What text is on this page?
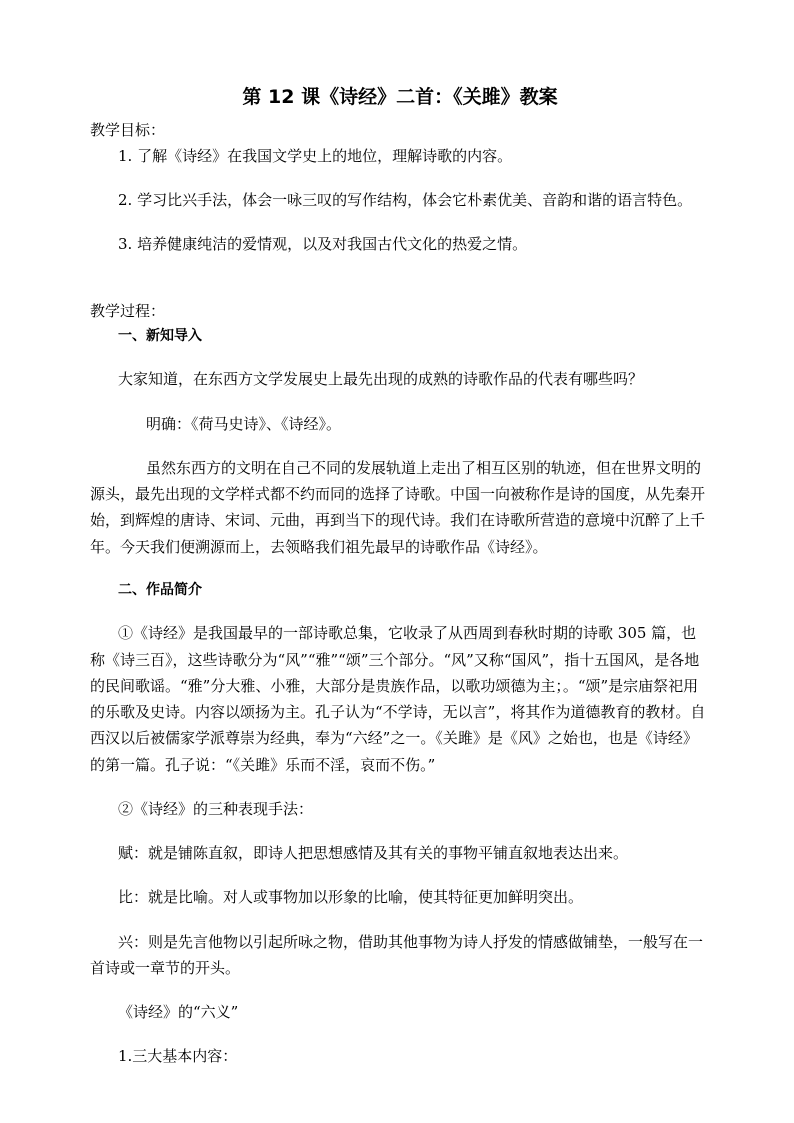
第 12 课《诗经》二首：《关雎》教案

教学目标：

1. 了解《诗经》在我国文学史上的地位，理解诗歌的内容。

2. 学习比兴手法，体会一咏三叹的写作结构，体会它朴素优美、音韵和谐的语言特色。

3. 培养健康纯洁的爱情观，以及对我国古代文化的热爱之情。

教学过程：

一、新知导入

大家知道，在东西方文学发展史上最先出现的成熟的诗歌作品的代表有哪些吗？

明确：《荷马史诗》、《诗经》。

虽然东西方的文明在自己不同的发展轨道上走出了相互区别的轨迹，但在世界文明的源头，最先出现的文学样式都不约而同的选择了诗歌。中国一向被称作是诗的国度，从先秦开始，到辉煌的唐诗、宋词、元曲，再到当下的现代诗。我们在诗歌所营造的意境中沉醉了上千年。今天我们便溯源而上，去领略我们祖先最早的诗歌作品《诗经》。

二、作品简介

①《诗经》是我国最早的一部诗歌总集，它收录了从西周到春秋时期的诗歌 305 篇，也称《诗三百》，这些诗歌分为“风”“雅”“颂”三个部分。“风”又称“国风”，指十五国风，是各地的民间歌谣。“雅”分大雅、小雅，大部分是贵族作品，以歌功颂德为主；。“颂”是宗庙祭祀用的乐歌及史诗。内容以颂扬为主。孔子认为“不学诗，无以言”，将其作为道德教育的教材。自西汉以后被儒家学派尊崇为经典，奉为“六经”之一。《关雎》是《风》之始也，也是《诗经》的第一篇。孔子说：“《关雎》乐而不淫，哀而不伤。”

②《诗经》的三种表现手法：

赋：就是铺陈直叙，即诗人把思想感情及其有关的事物平铺直叙地表达出来。

比：就是比喻。对人或事物加以形象的比喻，使其特征更加鲜明突出。

兴：则是先言他物以引起所咏之物，借助其他事物为诗人抒发的情感做铺垫，一般写在一首诗或一章节的开头。

《诗经》的“六义”

1.三大基本内容：
